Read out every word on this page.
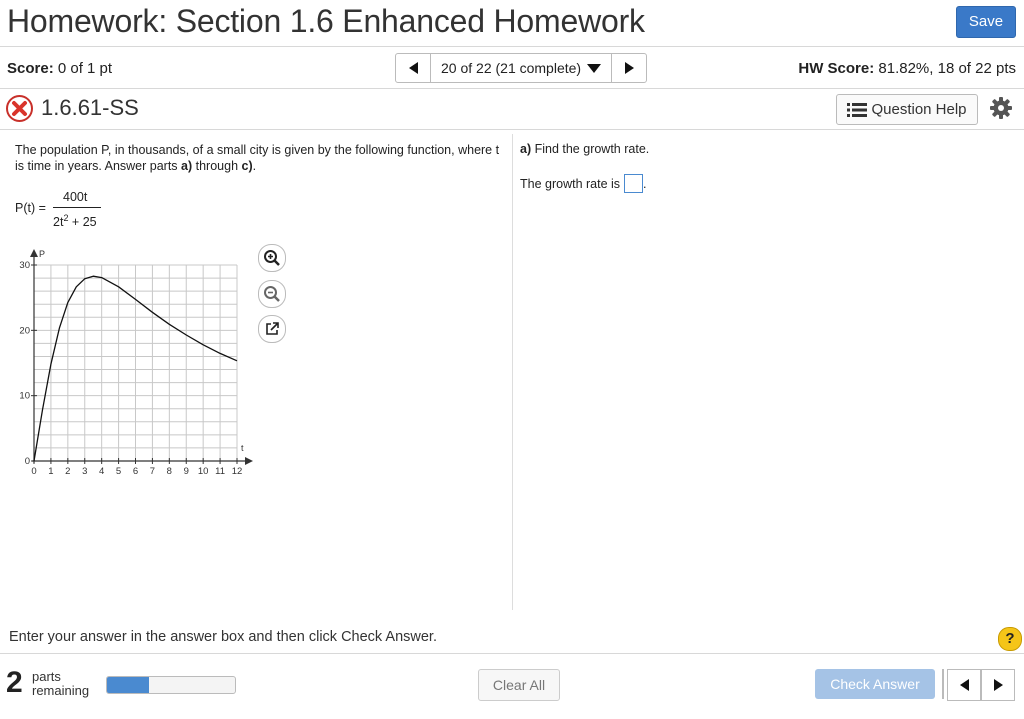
Homework: Section 1.6 Enhanced Homework	Save
Score: 0 of 1 pt	20 of 22 (21 complete)	HW Score: 81.82%, 18 of 22 pts
1.6.61-SS	Question Help
The population P, in thousands, of a small city is given by the following function, where t is time in years. Answer parts a) through c).
P(t) =
400t
$2t^2 + 25$
P
t
0 1 2 3 4 5 6 7 8 9 10 11 12
0
10
20
30
a) Find the growth rate.
The growth rate is .
Enter your answer in the answer box and then click Check Answer.	?
2 parts
remaining	Clear All	Check Answer
